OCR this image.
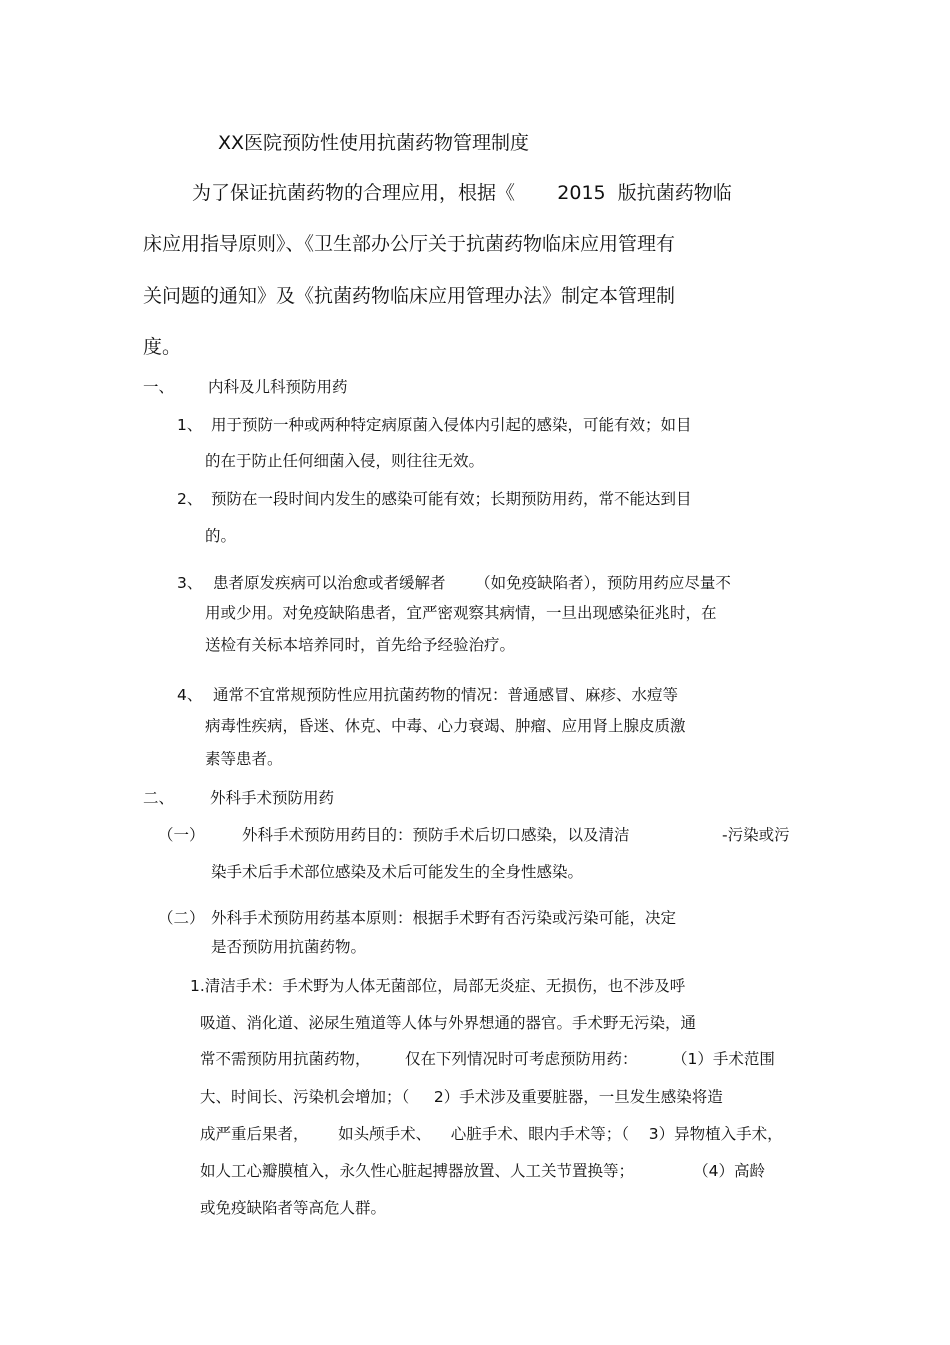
XX医院预防性使用抗菌药物管理制度
为了保证抗菌药物的合理应用，根据《       2015  版抗菌药物临
床应用指导原则》、《卫生部办公厅关于抗菌药物临床应用管理有
关问题的通知》及《抗菌药物临床应用管理办法》制定本管理制
度。
一、 内科及儿科预防用药
1、 用于预防一种或两种特定病原菌入侵体内引起的感染，可能有效；如目
的在于防止任何细菌入侵，则往往无效。
2、 预防在一段时间内发生的感染可能有效；长期预防用药，常不能达到目
的。
3、 患者原发疾病可以治愈或者缓解者      （如免疫缺陷者），预防用药应尽量不
用或少用。对免疫缺陷患者，宜严密观察其病情，一旦出现感染征兆时，在
送检有关标本培养同时，首先给予经验治疗。
4、 通常不宜常规预防性应用抗菌药物的情况：普通感冒、麻疹、水痘等
病毒性疾病，昏迷、休克、中毒、心力衰竭、肿瘤、应用肾上腺皮质激
素等患者。
二、 外科手术预防用药
（一） 外科手术预防用药目的：预防手术后切口感染，以及清洁	-污染或污
染手术后手术部位感染及术后可能发生的全身性感染。
（二） 外科手术预防用药基本原则：根据手术野有否污染或污染可能，决定
是否预防用抗菌药物。
1.清洁手术：手术野为人体无菌部位，局部无炎症、无损伤，也不涉及呼
吸道、消化道、泌尿生殖道等人体与外界想通的器官。手术野无污染，通
常不需预防用抗菌药物，       仅在下列情况时可考虑预防用药：       （1）手术范围
大、时间长、污染机会增加；（     2）手术涉及重要脏器，一旦发生感染将造
成严重后果者，      如头颅手术、    心脏手术、眼内手术等；（    3）异物植入手术，
如人工心瓣膜植入，永久性心脏起搏器放置、人工关节置换等；            （4）高龄
或免疫缺陷者等高危人群。
